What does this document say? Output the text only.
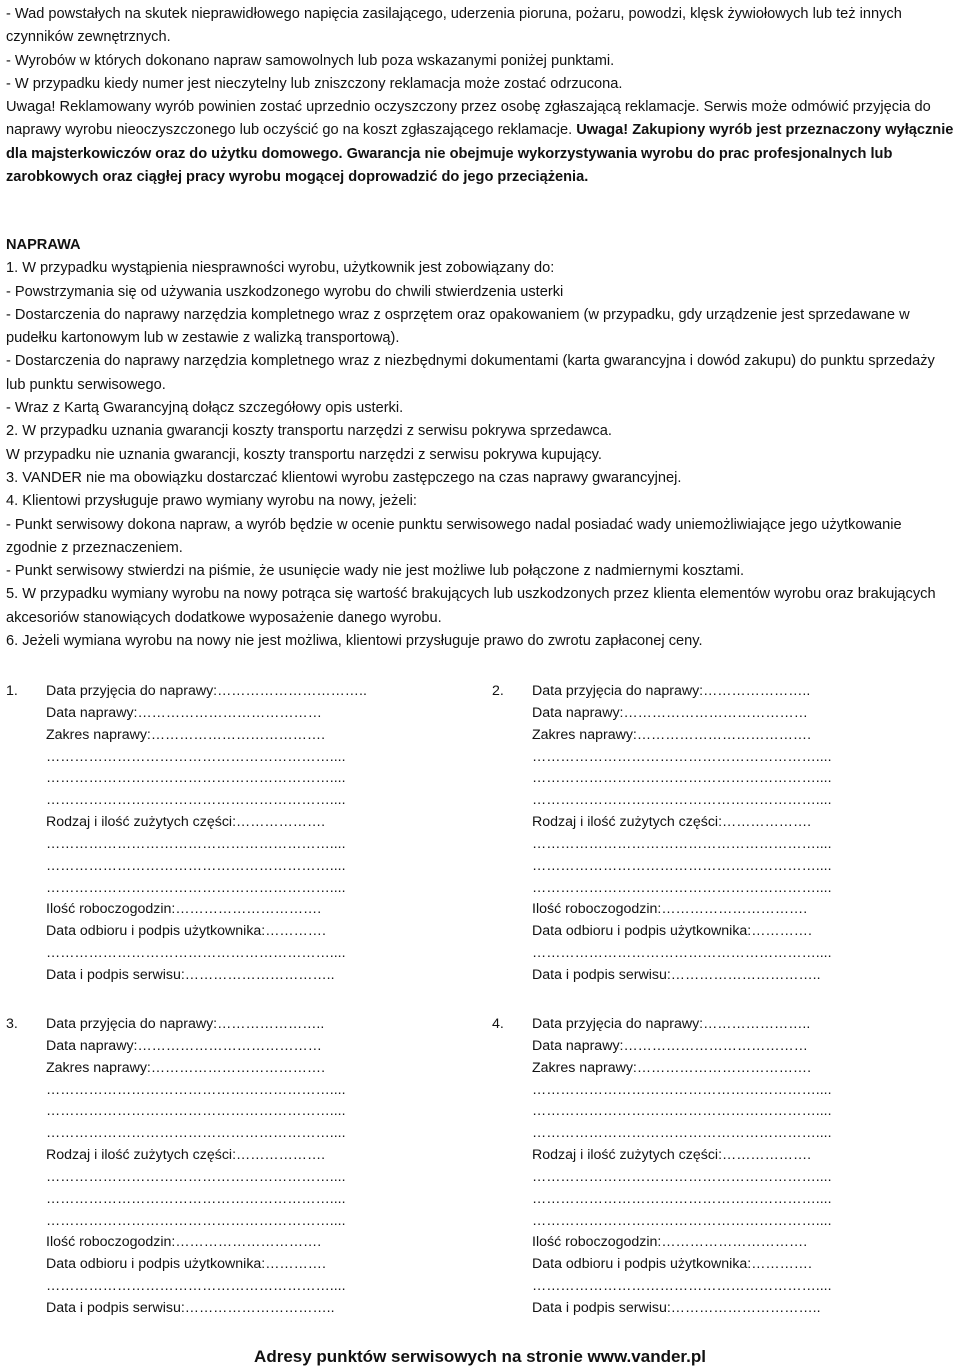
- Wad powstałych na skutek nieprawidłowego napięcia zasilającego, uderzenia pioruna, pożaru, powodzi, klęsk żywiołowych lub też innych czynników zewnętrznych.

- Wyrobów w których dokonano napraw samowolnych lub poza wskazanymi poniżej punktami.

- W przypadku kiedy numer jest nieczytelny lub zniszczony reklamacja może zostać odrzucona.

Uwaga! Reklamowany wyrób powinien zostać uprzednio oczyszczony przez osobę zgłaszającą reklamacje. Serwis może odmówić przyjęcia do naprawy wyrobu nieoczyszczonego lub oczyścić go na koszt zgłaszającego reklamacje. Uwaga! Zakupiony wyrób jest przeznaczony wyłącznie dla majsterkowiczów oraz do użytku domowego. Gwarancja nie obejmuje wykorzystywania wyrobu do prac profesjonalnych lub zarobkowych oraz ciągłej pracy wyrobu mogącej doprowadzić do jego przeciążenia.

NAPRAWA

1. W przypadku wystąpienia niesprawności wyrobu, użytkownik jest zobowiązany do:

- Powstrzymania się od używania uszkodzonego wyrobu do chwili stwierdzenia usterki

- Dostarczenia do naprawy narzędzia kompletnego wraz z osprzętem oraz opakowaniem (w przypadku, gdy urządzenie jest sprzedawane w pudełku kartonowym lub w zestawie z walizką transportową).

- Dostarczenia do naprawy narzędzia kompletnego wraz z niezbędnymi dokumentami (karta gwarancyjna i dowód zakupu) do punktu sprzedaży lub punktu serwisowego.

- Wraz z Kartą Gwarancyjną dołącz szczegółowy opis usterki.

2. W przypadku uznania gwarancji koszty transportu narzędzi z serwisu pokrywa sprzedawca.

W przypadku nie uznania gwarancji, koszty transportu narzędzi z serwisu pokrywa kupujący.

3. VANDER nie ma obowiązku dostarczać klientowi wyrobu zastępczego na czas naprawy gwarancyjnej.

4. Klientowi przysługuje prawo wymiany wyrobu na nowy, jeżeli:

- Punkt serwisowy dokona napraw, a wyrób będzie w ocenie punktu serwisowego nadal posiadać wady uniemożliwiające jego użytkowanie zgodnie z przeznaczeniem.

- Punkt serwisowy stwierdzi na piśmie, że usunięcie wady nie jest możliwe lub połączone z nadmiernymi kosztami.

5. W przypadku wymiany wyrobu na nowy potrąca się wartość brakujących lub uszkodzonych przez klienta elementów wyrobu oraz brakujących akcesoriów stanowiących dodatkowe wyposażenie danego wyrobu.

6. Jeżeli wymiana wyrobu na nowy nie jest możliwa, klientowi przysługuje prawo do zwrotu zapłaconej ceny.

1. Data przyjęcia do naprawy:…………………………..
Data naprawy:…………………………………
Zakres naprawy:……………………………….
……………………………………………………....
……………………………………………………....
……………………………………………………....
Rodzaj i ilość zużytych części:……………….
……………………………………………………....
……………………………………………………....
……………………………………………………....
Ilość roboczogodzin:………………………….
Data odbioru i podpis użytkownika:………….
……………………………………………………....
Data i podpis serwisu:…………………………..
2. Data przyjęcia do naprawy:…………………..
Data naprawy:…………………………………
Zakres naprawy:……………………………….
……………………………………………………....
……………………………………………………....
……………………………………………………....
Rodzaj i ilość zużytych części:……………….
……………………………………………………....
……………………………………………………....
……………………………………………………....
Ilość roboczogodzin:………………………….
Data odbioru i podpis użytkownika:………….
……………………………………………………....
Data i podpis serwisu:…………………………..
3. Data przyjęcia do naprawy:…………………..
Data naprawy:…………………………………
Zakres naprawy:……………………………….
……………………………………………………....
……………………………………………………....
……………………………………………………....
Rodzaj i ilość zużytych części:……………….
……………………………………………………....
……………………………………………………....
……………………………………………………....
Ilość roboczogodzin:………………………….
Data odbioru i podpis użytkownika:………….
……………………………………………………....
Data i podpis serwisu:…………………………..
4. Data przyjęcia do naprawy:…………………..
Data naprawy:…………………………………
Zakres naprawy:……………………………….
……………………………………………………....
……………………………………………………....
……………………………………………………....
Rodzaj i ilość zużytych części:……………….
……………………………………………………....
……………………………………………………....
……………………………………………………....
Ilość roboczogodzin:………………………….
Data odbioru i podpis użytkownika:………….
……………………………………………………....
Data i podpis serwisu:…………………………..
Adresy punktów serwisowych na stronie www.vander.pl
